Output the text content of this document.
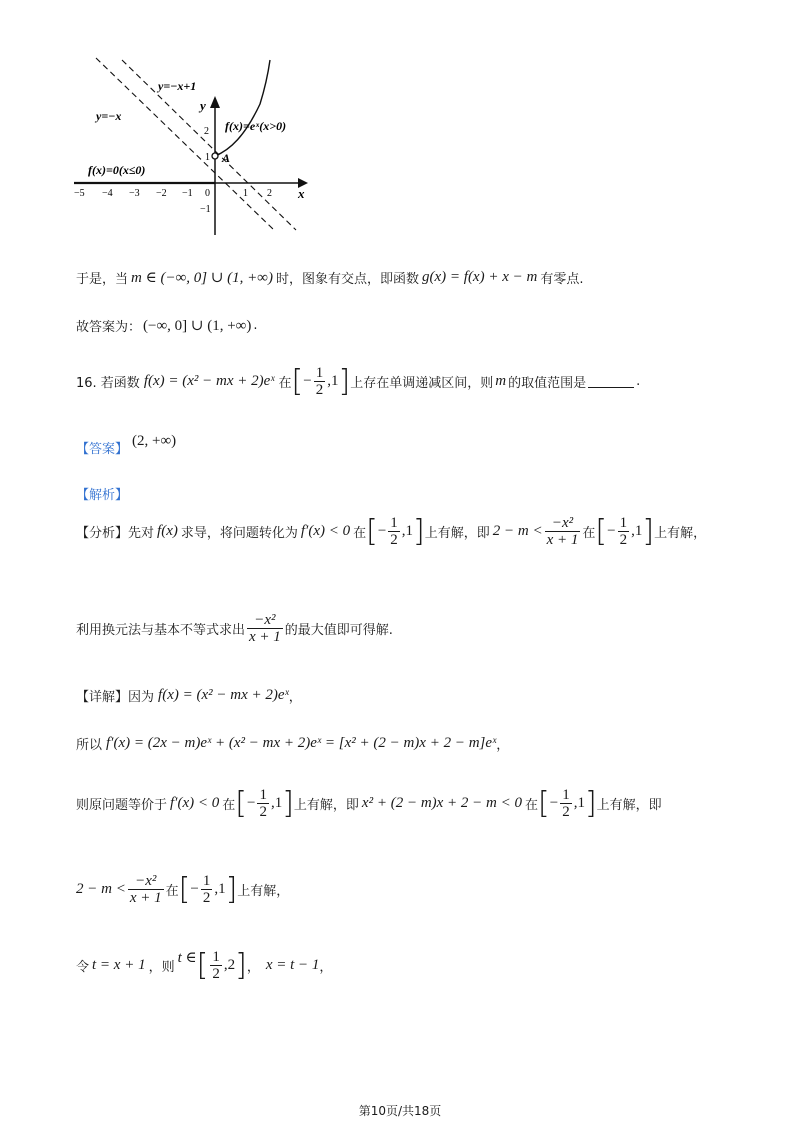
y=−x+1
y=−x
y
x
f(x)=eˣ(x>0)
f(x)=0(x≤0)
A
2
1
−1
−5 −4 −3 −2 −1 0	1 2
于是，当 m ∈ (−∞, 0] ∪ (1, +∞) 时，图象有交点，即函数 g(x) = f(x) + x − m 有零点.
故答案为： (−∞, 0] ∪ (1, +∞) .
16. 若函数 f(x) = (x² − mx + 2)eˣ 在 [ − $\frac{1}{2} ,1$ ] 上存在单调递减区间，则 m 的取值范围是	.
【答案】
(2, +∞)
【解析】
【分析】 先对 f(x) 求导，将问题转化为 f′(x) < 0 在 [ − $\frac{1}{2} ,1$ ] 上有解，即 $2 - m < \frac{\text{−x²}}{x + 1}$ 在 [ − $\frac{1}{2} ,1$ ] 上有解，
利用换元法与基本不等式求出 $\frac{\text{−x²}}{x + 1}$ 的最大值即可得解.
【详解】 因为 f(x) = (x² − mx + 2)eˣ ，
所以 f′(x) = (2x − m)eˣ + (x² − mx + 2)eˣ = [x² + (2 − m)x + 2 − m]eˣ ，
则原问题等价于 f′(x) < 0 在 [ − $\frac{1}{2} ,1$ ] 上有解，即 x² + (2 − m)x + 2 − m < 0 在 [ − $\frac{1}{2} ,1$ ] 上有解，即
$2 - m < \frac{\text{−x²}}{x + 1}$ 在 [ − $\frac{1}{2} ,1$ ] 上有解，
令 t = x + 1 ，则
t ∈ [ $\frac{1}{2} ,2$ ] ， x = t − 1 ，
第10页/共18页
